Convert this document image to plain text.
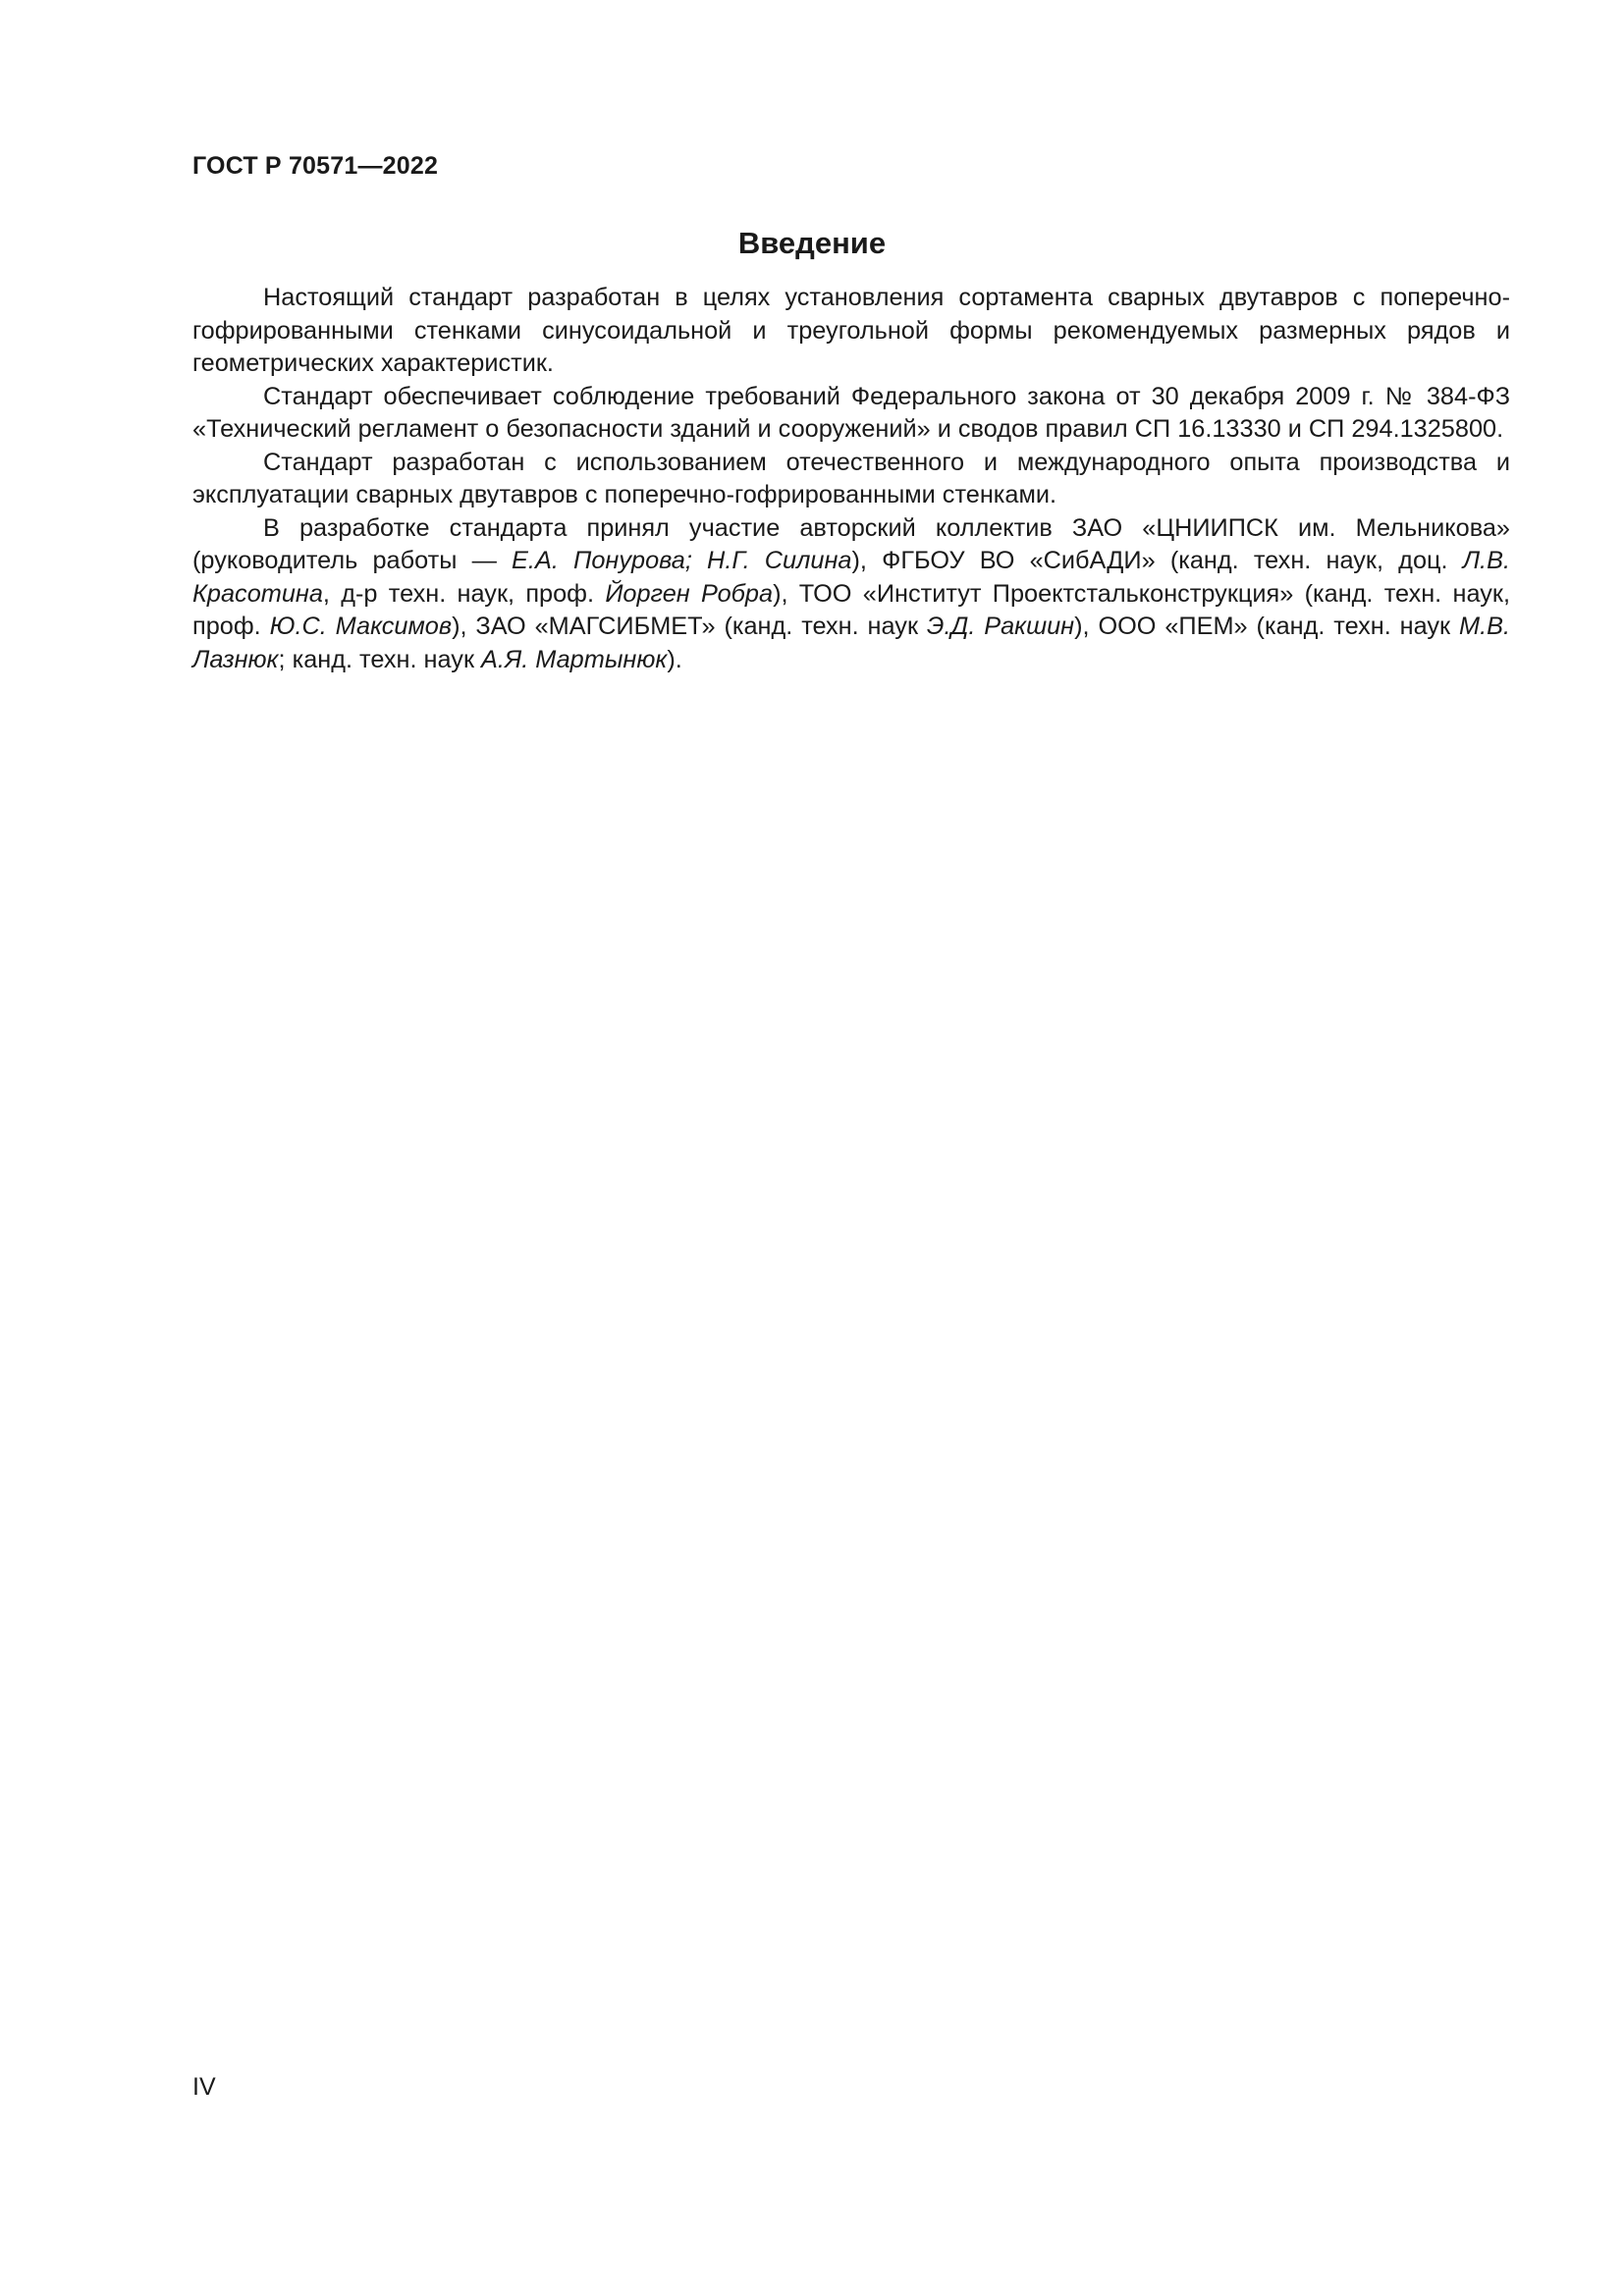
ГОСТ Р 70571—2022

Введение

Настоящий стандарт разработан в целях установления сортамента сварных двутавров с поперечно-гофрированными стенками синусоидальной и треугольной формы рекомендуемых размерных рядов и геометрических характеристик.

Стандарт обеспечивает соблюдение требований Федерального закона от 30 декабря 2009 г. № 384-ФЗ «Технический регламент о безопасности зданий и сооружений» и сводов правил СП 16.13330 и СП 294.1325800.

Стандарт разработан с использованием отечественного и международного опыта производства и эксплуатации сварных двутавров с поперечно-гофрированными стенками.

В разработке стандарта принял участие авторский коллектив ЗАО «ЦНИИПСК им. Мельникова» (руководитель работы — Е.А. Понурова; Н.Г. Силина), ФГБОУ ВО «СибАДИ» (канд. техн. наук, доц. Л.В. Красотина, д-р техн. наук, проф. Йорген Робра), ТОО «Институт Проектстальконструкция» (канд. техн. наук, проф. Ю.С. Максимов), ЗАО «МАГСИБМЕТ» (канд. техн. наук Э.Д. Ракшин), ООО «ПЕМ» (канд. техн. наук М.В. Лазнюк; канд. техн. наук А.Я. Мартынюк).

IV
